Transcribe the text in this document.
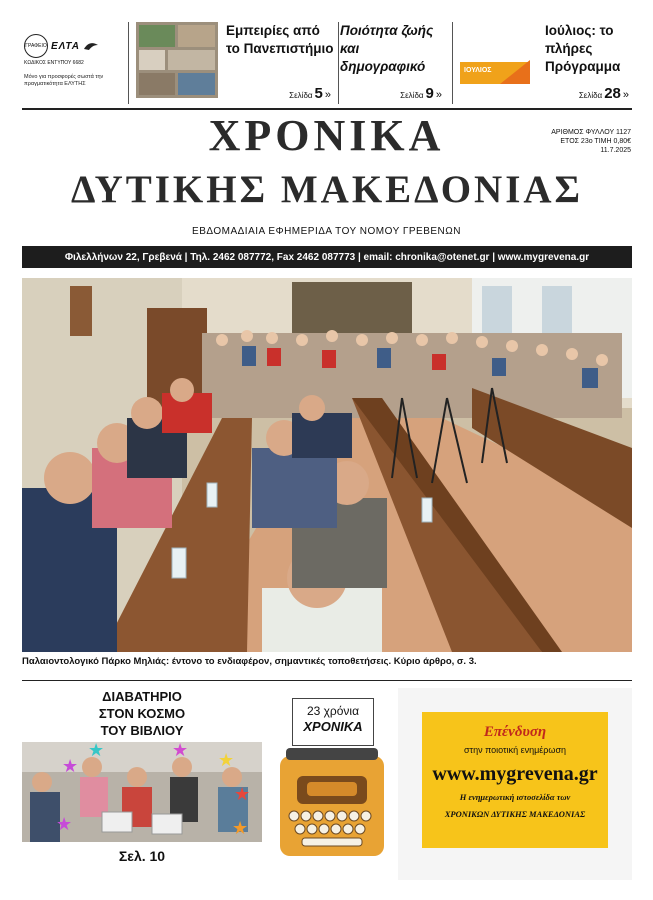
ΓΡΑΦΕΙΟ ΕΛΤΑ
ΚΩΔΙΚΟΣ ΕΝΤΥΠΟΥ 6682
Μόνο για προσφορές σωστά την πραγματικότητα ΕΛΥΤΗΣ
Εμπειρίες από το Πανεπιστήμιο
Σελίδα 5 »
Ποιότητα ζωής και δημογραφικό
Σελίδα 9 »
ΙΟΥΛΙΟΣ
Ιούλιος: το πλήρες Πρόγραμμα
Σελίδα 28 »
ΧΡΟΝΙΚΑ
ΔΥΤΙΚΗΣ ΜΑΚΕΔΟΝΙΑΣ
ΑΡΙΘΜΟΣ ΦΥΛΛΟΥ 1127
ΕΤΟΣ 23ο ΤΙΜΗ 0,80€
11.7.2025
ΕΒΔΟΜΑΔΙΑΙΑ ΕΦΗΜΕΡΙΔΑ ΤΟΥ ΝΟΜΟΥ ΓΡΕΒΕΝΩΝ
Φιλελλήνων 22, Γρεβενά | Τηλ. 2462 087772, Fax 2462 087773 | email: chronika@otenet.gr | www.mygrevena.gr
Παλαιοντολογικό Πάρκο Μηλιάς: έντονο το ενδιαφέρον, σημαντικές τοποθετήσεις. Κύριο άρθρο, σ. 3.
ΔΙΑΒΑΤΗΡΙΟ
ΣΤΟΝ ΚΟΣΜΟ
ΤΟΥ ΒΙΒΛΙΟΥ
★
★	★ ★
★
★	★
Σελ. 10
23 χρόνια
ΧΡΟΝΙΚΑ	Επένδυση
στην ποιοτική ενημέρωση
www.mygrevena.gr
Η ενημερωτική ιστοσελίδα των
ΧΡΟΝΙΚΩΝ ΔΥΤΙΚΗΣ ΜΑΚΕΔΟΝΙΑΣ
